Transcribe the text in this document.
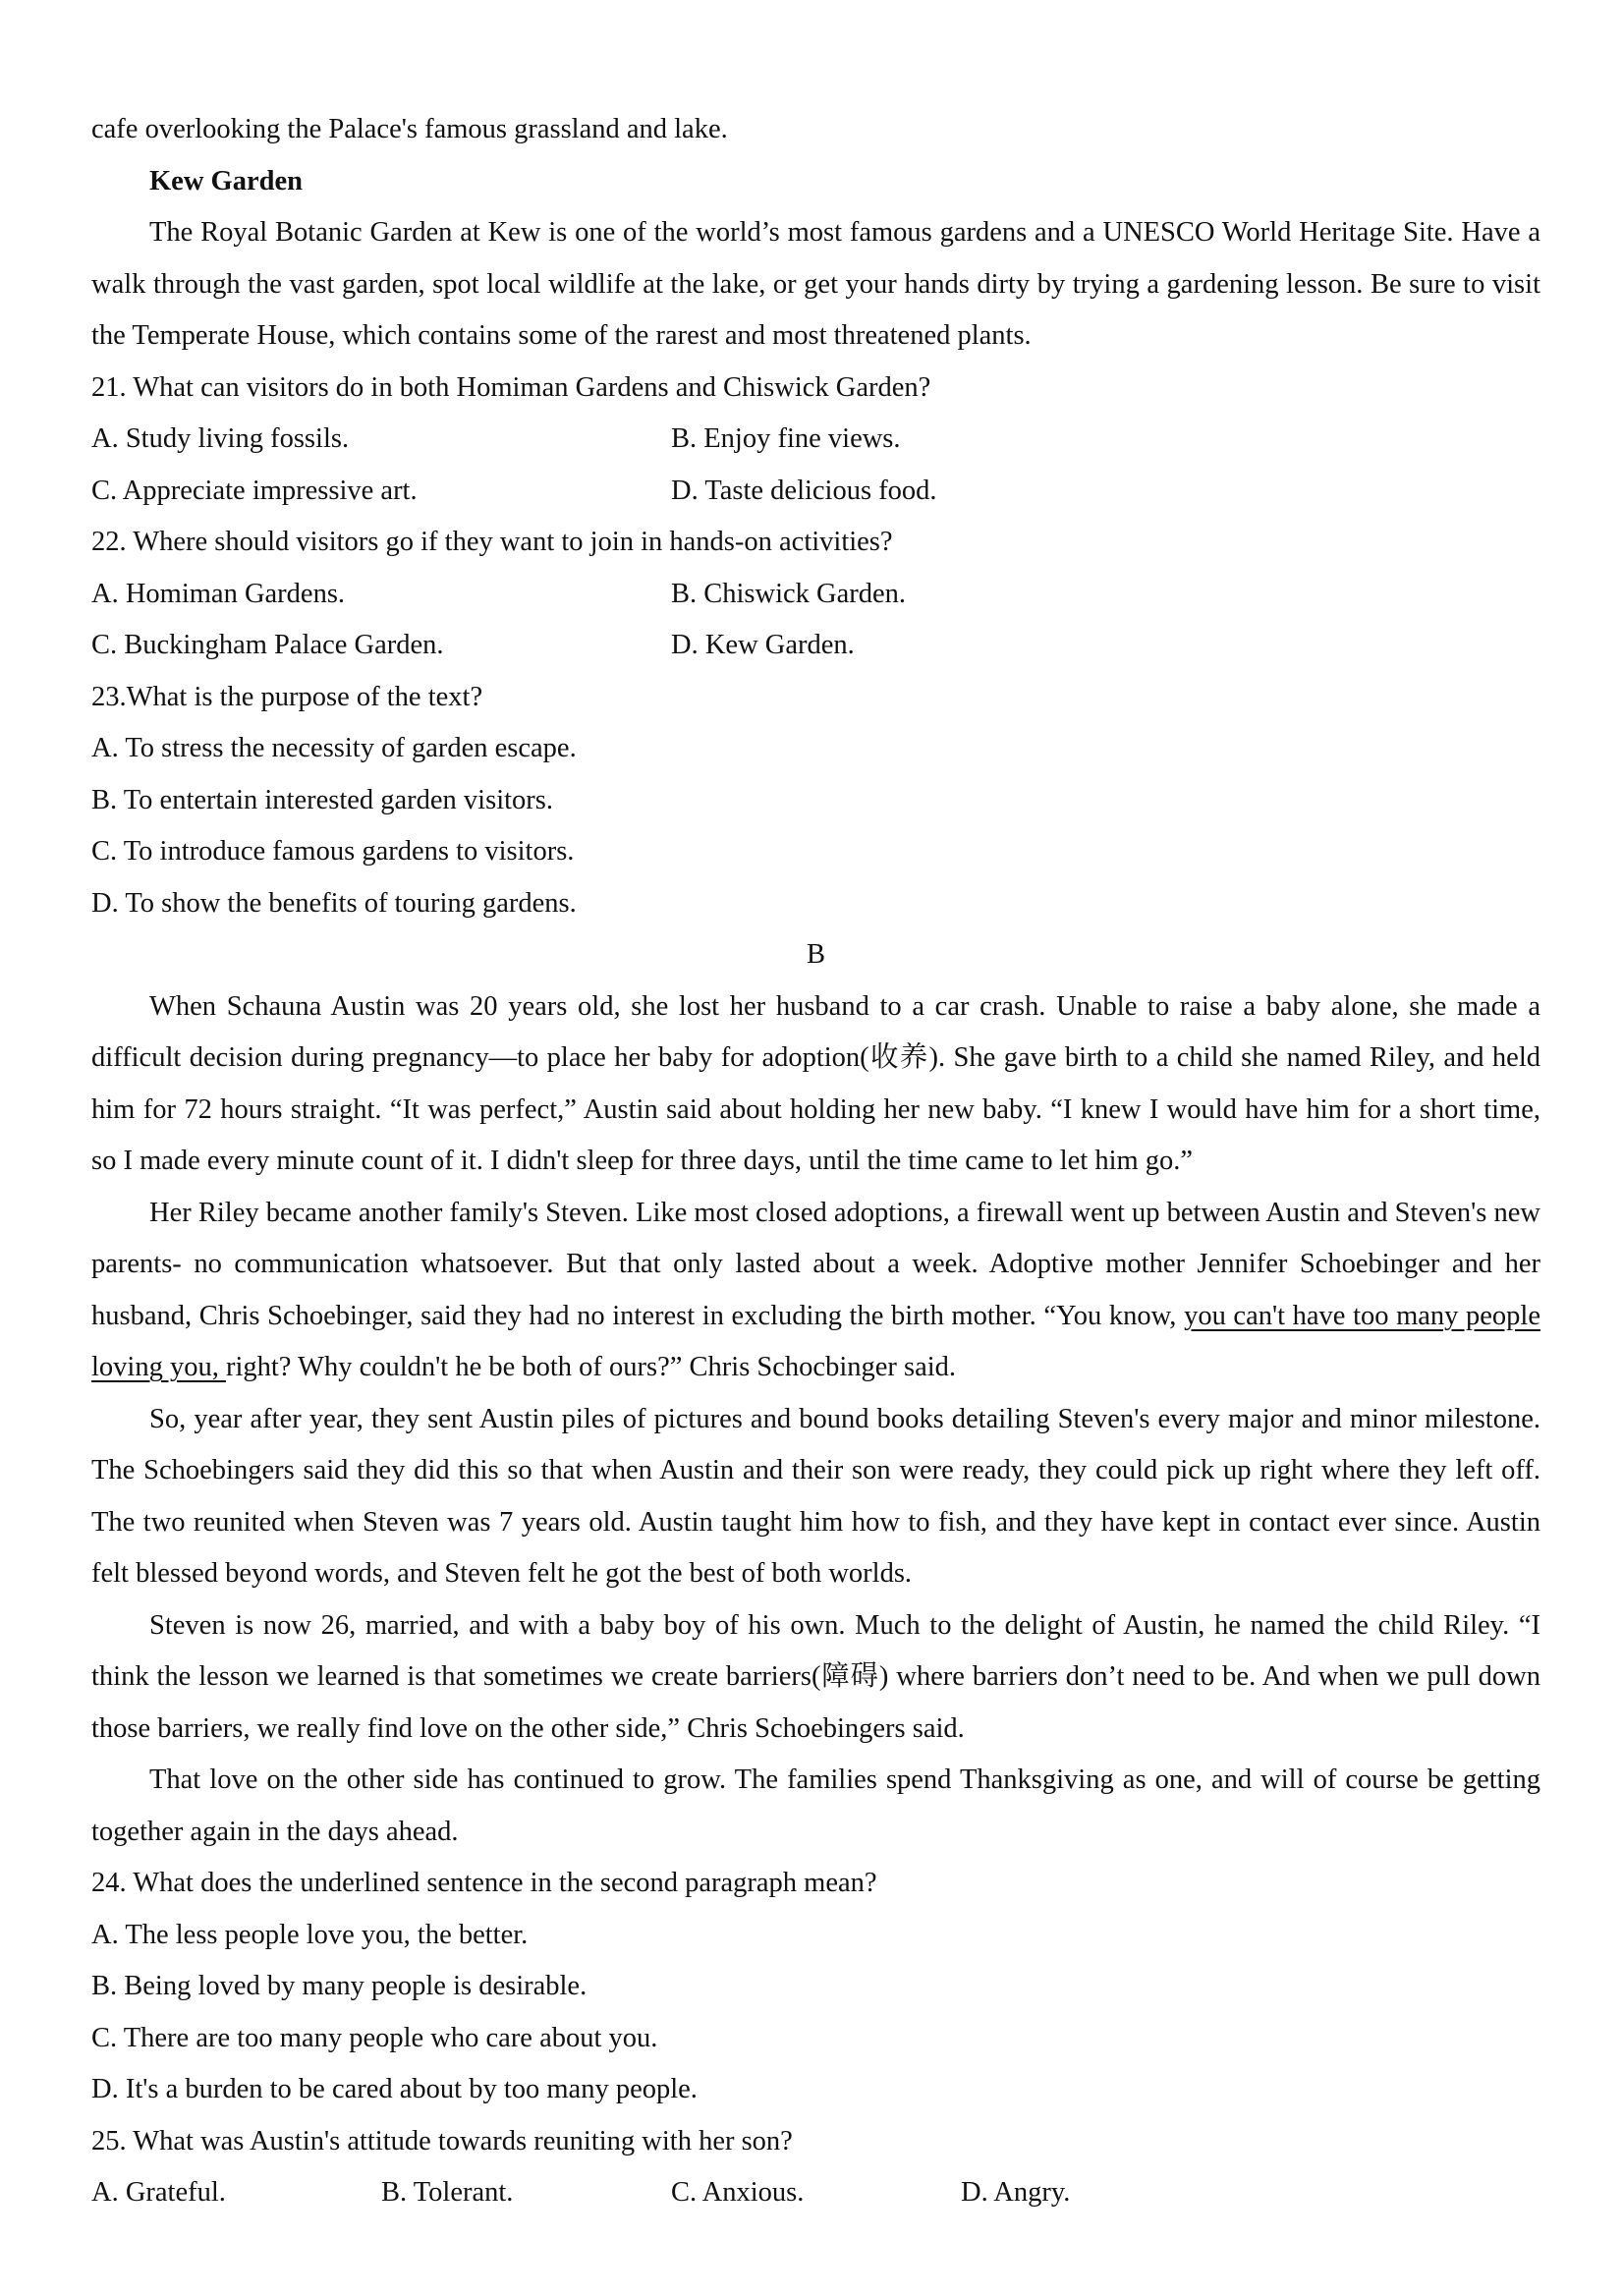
cafe overlooking the Palace's famous grassland and lake.

Kew Garden

The Royal Botanic Garden at Kew is one of the world’s most famous gardens and a UNESCO World Heritage Site. Have a walk through the vast garden, spot local wildlife at the lake, or get your hands dirty by trying a gardening lesson. Be sure to visit the Temperate House, which contains some of the rarest and most threatened plants.

21. What can visitors do in both Homiman Gardens and Chiswick Garden?

A. Study living fossils.	B. Enjoy fine views.
C. Appreciate impressive art.	D. Taste delicious food.

22. Where should visitors go if they want to join in hands-on activities?

A. Homiman Gardens.	B. Chiswick Garden.
C. Buckingham Palace Garden.	D. Kew Garden.

23.What is the purpose of the text?

A. To stress the necessity of garden escape.

B. To entertain interested garden visitors.

C. To introduce famous gardens to visitors.

D. To show the benefits of touring gardens.

B

When Schauna Austin was 20 years old, she lost her husband to a car crash. Unable to raise a baby alone, she made a difficult decision during pregnancy—to place her baby for adoption(收养). She gave birth to a child she named Riley, and held him for 72 hours straight. “It was perfect,” Austin said about holding her new baby. “I knew I would have him for a short time, so I made every minute count of it. I didn't sleep for three days, until the time came to let him go.”

Her Riley became another family's Steven. Like most closed adoptions, a firewall went up between Austin and Steven's new parents- no communication whatsoever. But that only lasted about a week. Adoptive mother Jennifer Schoebinger and her husband, Chris Schoebinger, said they had no interest in excluding the birth mother. “You know, you can't have too many people loving you, right? Why couldn't he be both of ours?” Chris Schocbinger said.

So, year after year, they sent Austin piles of pictures and bound books detailing Steven's every major and minor milestone. The Schoebingers said they did this so that when Austin and their son were ready, they could pick up right where they left off. The two reunited when Steven was 7 years old. Austin taught him how to fish, and they have kept in contact ever since. Austin felt blessed beyond words, and Steven felt he got the best of both worlds.

Steven is now 26, married, and with a baby boy of his own. Much to the delight of Austin, he named the child Riley. “I think the lesson we learned is that sometimes we create barriers(障碍) where barriers don’t need to be. And when we pull down those barriers, we really find love on the other side,” Chris Schoebingers said.

That love on the other side has continued to grow. The families spend Thanksgiving as one, and will of course be getting together again in the days ahead.

24. What does the underlined sentence in the second paragraph mean?

A. The less people love you, the better.

B. Being loved by many people is desirable.

C. There are too many people who care about you.

D. It's a burden to be cared about by too many people.

25. What was Austin's attitude towards reuniting with her son?

A. Grateful.	B. Tolerant.	C. Anxious.	D. Angry.
